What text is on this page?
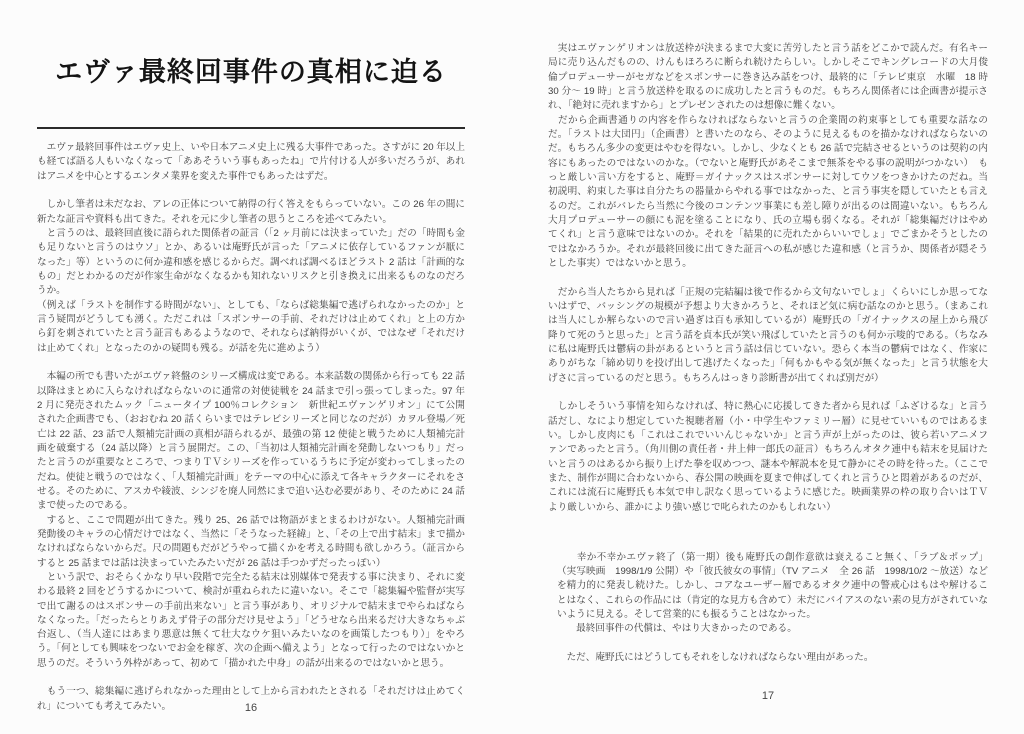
エヴァ最終回事件の真相に迫る

　エヴァ最終回事件はエヴァ史上、いや日本アニメ史上に残る大事件であった。さすがに 20 年以上も経てば語る人もいなくなって「ああそういう事もあったね」で片付ける人が多いだろうが、あれはアニメを中心とするエンタメ業界を変えた事件でもあったはずだ。

　しかし筆者は未だなお、アレの正体について納得の行く答えをもらっていない。この 26 年の間に新たな証言や資料も出てきた。それを元に少し筆者の思うところを述べてみたい。

　と言うのは、最終回直後に語られた関係者の証言（「2 ヶ月前には決まっていた」だの「時間も金も足りないと言うのはウソ」とか、あるいは庵野氏が言った「アニメに依存しているファンが厭になった」等）というのに何か違和感を感じるからだ。調べれば調べるほどラスト 2 話は「計画的なもの」だとわかるのだが作家生命がなくなるかも知れないリスクと引き換えに出来るものなのだろうか。

（例えば「ラストを制作する時間がない」、としても、「ならば総集編で逃げられなかったのか」と言う疑問がどうしても湧く。ただこれは「スポンサーの手前、それだけは止めてくれ」と上の方から釘を刺されていたと言う証言もあるようなので、それならば納得がいくが、ではなぜ「それだけは止めてくれ」となったのかの疑問も残る。が話を先に進めよう）

　本編の所でも書いたがエヴァ終盤のシリーズ構成は変である。本来話数の関係から行っても 22 話以降はまとめに入らなければならないのに通常の対使徒戦を 24 話まで引っ張ってしまった。97 年 2 月に発売されたムック「ニュータイプ 100％コレクション　新世紀エヴァンゲリオン」にて公開された企画書でも、（おおむね 20 話くらいまではテレビシリーズと同じなのだが）カヲル登場／死亡は 22 話、23 話で人類補完計画の真相が語られるが、最強の第 12 使徒と戦うために人類補完計画を破棄する（24 話以降）と言う展開だ。この、「当初は人類補完計画を発動しないつもり」だったと言うのが重要なところで、つまりＴＶシリーズを作っているうちに予定が変わってしまったのだね。使徒と戦うのではなく、「人類補完計画」をテーマの中心に添えて各キャラクターにそれをさせる。そのために、アスカや綾波、シンジを廃人同然にまで追い込む必要があり、そのために 24 話まで使ったのである。

　すると、ここで問題が出てきた。残り 25、26 話では物語がまとまるわけがない。人類補完計画発動後のキャラの心情だけではなく、当然に「そうなった経緯」と、「その上で出す結末」まで描かなければならないからだ。尺の問題もだがどうやって描くかを考える時間も欲しかろう。（証言からすると 25 話までは話は決まっていたみたいだが 26 話は手つかずだったっぽい）

　という訳で、おそらくかなり早い段階で完全たる結末は別媒体で発表する事に決まり、それに変わる最終 2 回をどうするかについて、検討が重ねられたに違いない。そこで「総集編や監督が実写で出て謝るのはスポンサーの手前出来ない」と言う事があり、オリジナルで結末までやらねばならなくなった。「だったらとりあえず骨子の部分だけ見せよう」「どうせなら出来るだけ大きなちゃぶ台返し、（当人達にはあまり悪意は無くて壮大なウケ狙いみたいなのを画策したつもり）」をやろう。「何としても興味をつないでお金を稼ぎ、次の企画へ備えよう」となって行ったのではないかと思うのだ。そういう外枠があって、初めて「描かれた中身」の話が出来るのではないかと思う。

　もう一つ、総集編に逃げられなかった理由として上から言われたとされる「それだけは止めてくれ」についても考えてみたい。	16

　実はエヴァンゲリオンは放送枠が決まるまで大変に苦労したと言う話をどこかで読んだ。有名キー局に売り込んだものの、けんもほろろに断られ続けたらしい。しかしそこでキングレコードの大月俊倫プロデューサーがセガなどをスポンサーに巻き込み話をつけ、最終的に「テレビ東京　水曜　18 時 30 分～ 19 時」と言う放送枠を取るのに成功したと言うものだ。もちろん関係者には企画書が提示され、「絶対に売れますから」とプレゼンされたのは想像に難くない。

　だから企画書通りの内容を作らなければならないと言うの企業間の約束事としても重要な話なのだ。「ラストは大団円」（企画書）と書いたのなら、そのように見えるものを描かなければならないのだ。もちろん多少の変更はやむを得ない。しかし、少なくとも 26 話で完結させるというのは契約の内容にもあったのではないのかな。（でないと庵野氏があそこまで無茶をやる事の説明がつかない）　もっと厳しい言い方をすると、庵野＝ガイナックスはスポンサーに対してウソをつきかけたのだね。当初説明、約束した事は自分たちの器量からやれる事ではなかった、と言う事実を隠していたとも言えるのだ。これがバレたら当然に今後のコンテンツ事業にも差し障りが出るのは間違いない。もちろん大月プロデューサーの顔にも泥を塗ることになり、氏の立場も弱くなる。それが「総集編だけはやめてくれ」と言う意味ではないのか。それを「結果的に売れたからいいでしょ」でごまかそうとしたのではなかろうか。それが最終回後に出てきた証言への私が感じた違和感（と言うか、関係者が隠そうとした事実）ではないかと思う。

　だから当人たちから見れば「正規の完結編は後で作るから文句ないでしょ」くらいにしか思ってないはずで、バッシングの規模が予想より大きかろうと、それほど気に病む話なのかと思う。（まあこれは当人にしか解らないので言い過ぎは百も承知しているが）庵野氏の「ガイナックスの屋上から飛び降りて死のうと思った」と言う話を貞本氏が笑い飛ばしていたと言うのも何か示唆的である。（ちなみに私は庵野氏は鬱病の卦があるというと言う話は信じていない。恐らく本当の鬱病ではなく、作家にありがちな「締め切りを投げ出して逃げたくなった」「何もかもやる気が無くなった」と言う状態を大げさに言っているのだと思う。もちろんはっきり診断書が出てくれば別だが）

　しかしそういう事情を知らなければ、特に熱心に応援してきた者から見れば「ふざけるな」と言う話だし、なにより想定していた視聴者層（小・中学生やファミリー層）に見せていいものではあるまい。しかし皮肉にも「これはこれでいいんじゃないか」と言う声が上がったのは、彼ら若いアニメファンであったと言う。（角川側の責任者・井上伸一郎氏の証言）もちろんオタク連中も結末を見届けたいと言うのはあるから振り上げた拳を収めつつ、謎本や解説本を見て静かにその時を待った。（ここでまた、制作が間に合わないから、春公開の映画を夏まで伸ばしてくれと言うひと悶着があるのだが、これには流石に庵野氏も本気で申し訳なく思っているように感じた。映画業界の枠の取り合いはＴＶより厳しいから、誰かにより強い感じで叱られたのかもしれない）

　　幸か不幸かエヴァ終了（第一期）後も庵野氏の創作意欲は衰えること無く、「ラブ＆ポップ」（実写映画　1998/1/9 公開）や「彼氏彼女の事情」（TV アニメ　全 26 話　1998/10/2 ～放送）などを精力的に発表し続けた。しかし、コアなユーザー層であるオタク連中の警戒心はもはや解けることはなく、これらの作品には（肯定的な見方も含めて）未だにバイアスのない素の見方がされていないように見える。そして営業的にも振るうことはなかった。

　　最終回事件の代償は、やはり大きかったのである。

　ただ、庵野氏にはどうしてもそれをしなければならない理由があった。

17
